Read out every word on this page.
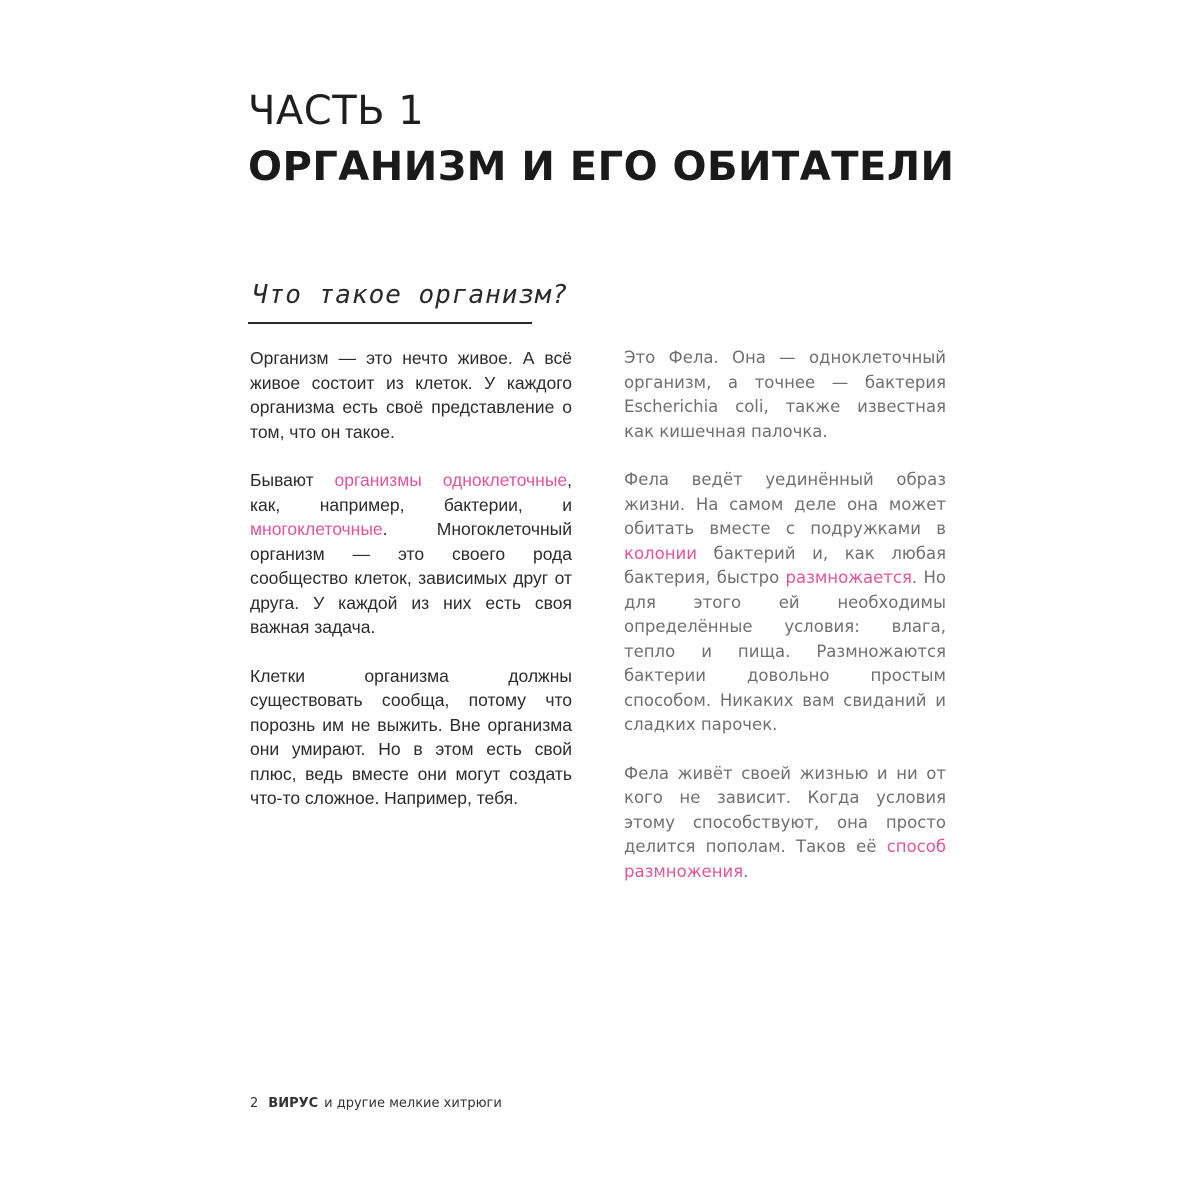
ЧАСТЬ 1
ОРГАНИЗМ И ЕГО ОБИТАТЕЛИ
Что такое организм?

Организм — это нечто живое. А всё живое состоит из клеток. У каждого организма есть своё представление о том, что он такое.

Бывают организмы одноклеточные, как, например, бактерии, и многоклеточные. Многоклеточный организм — это своего рода сообщество клеток, зависимых друг от друга. У каждой из них есть своя важная задача.

Клетки организма должны существовать сообща, потому что порознь им не выжить. Вне организма они умирают. Но в этом есть свой плюс, ведь вместе они могут создать что-то сложное. Например, тебя.

Это Фела. Она — одноклеточный организм, а точнее — бактерия Escherichia coli, также известная как кишечная палочка.

Фела ведёт уединённый образ жизни. На самом деле она может обитать вместе с подружками в колонии бактерий и, как любая бактерия, быстро размножается. Но для этого ей необходимы определённые условия: влага, тепло и пища. Размножаются бактерии довольно простым способом. Никаких вам свиданий и сладких парочек.

Фела живёт своей жизнью и ни от кого не зависит. Когда условия этому способствуют, она просто делится пополам. Таков её способ размножения.

2 ВИРУС и другие мелкие хитрюги
